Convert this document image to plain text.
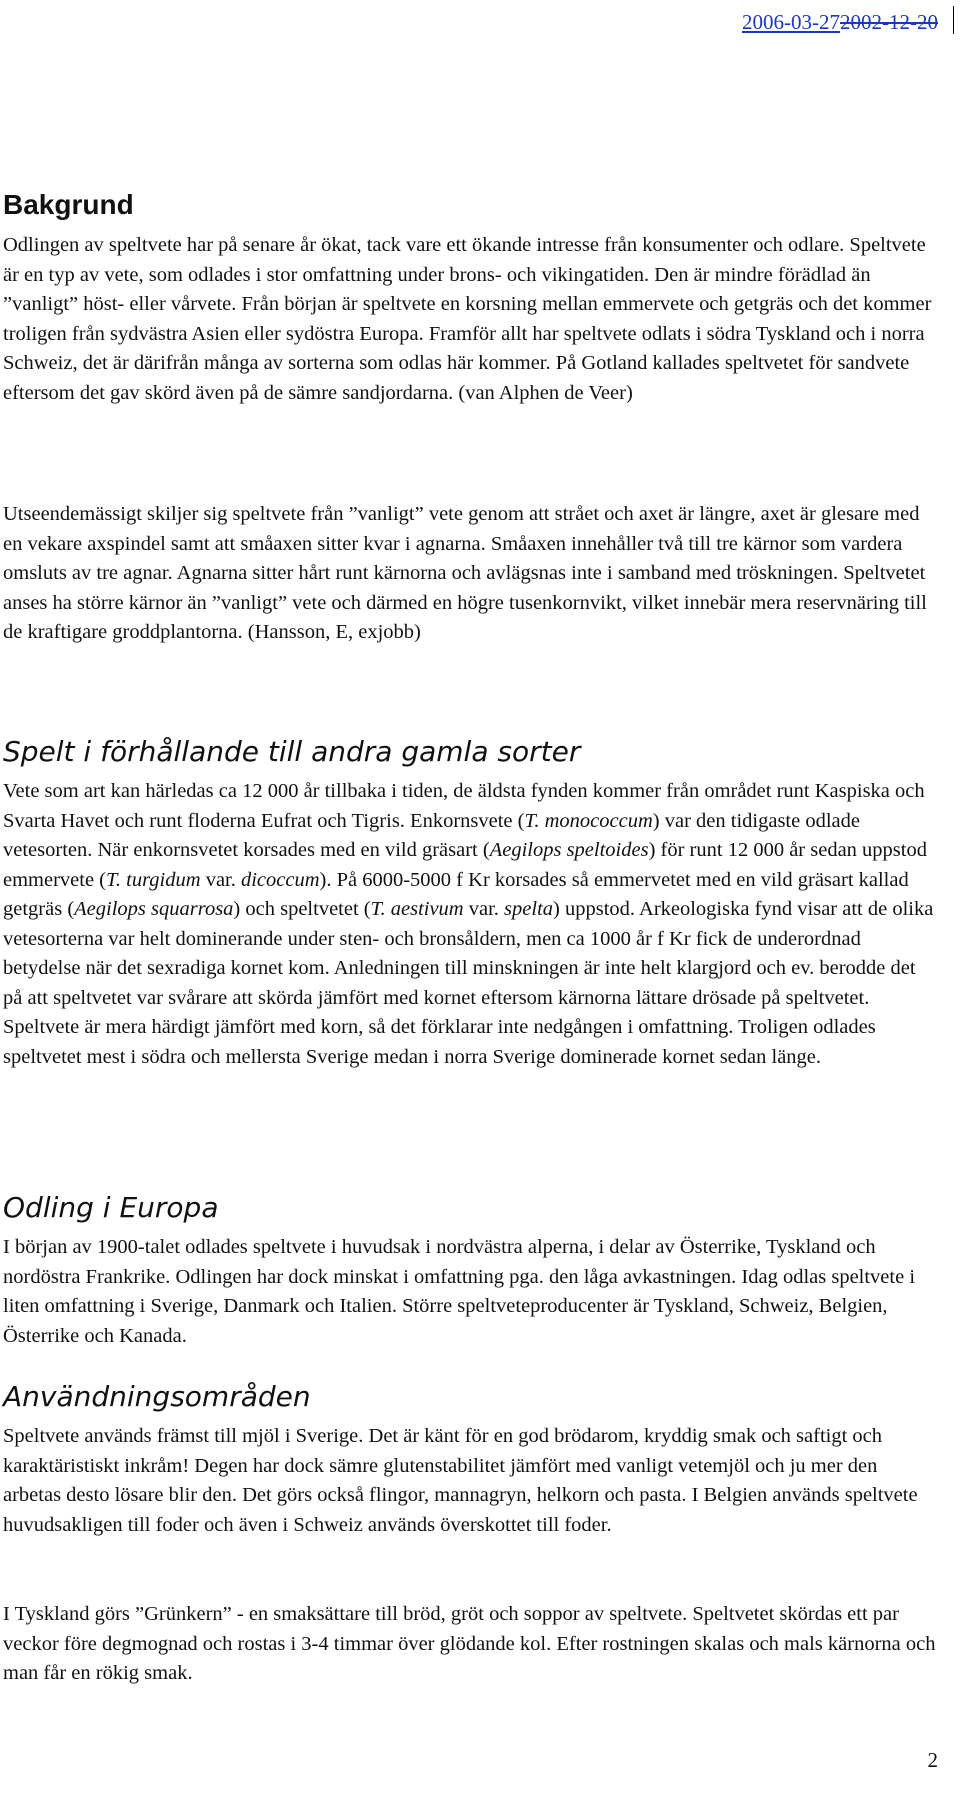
2006-03-272002-12-20
Bakgrund

Odlingen av speltvete har på senare år ökat, tack vare ett ökande intresse från konsumenter och odlare. Speltvete är en typ av vete, som odlades i stor omfattning under brons- och vikingatiden. Den är mindre förädlad än ”vanligt” höst- eller vårvete. Från början är speltvete en korsning mellan emmervete och getgräs och det kommer troligen från sydvästra Asien eller sydöstra Europa. Framför allt har speltvete odlats i södra Tyskland och i norra Schweiz, det är därifrån många av sorterna som odlas här kommer. På Gotland kallades speltvetet för sandvete eftersom det gav skörd även på de sämre sandjordarna. (van Alphen de Veer)

Utseendemässigt skiljer sig speltvete från ”vanligt” vete genom att strået och axet är längre, axet är glesare med en vekare axspindel samt att småaxen sitter kvar i agnarna. Småaxen innehåller två till tre kärnor som vardera omsluts av tre agnar. Agnarna sitter hårt runt kärnorna och avlägsnas inte i samband med tröskningen. Speltvetet anses ha större kärnor än ”vanligt” vete och därmed en högre tusenkornvikt, vilket innebär mera reservnäring till de kraftigare groddplantorna. (Hansson, E, exjobb)

Spelt i förhållande till andra gamla sorter

Vete som art kan härledas ca 12 000 år tillbaka i tiden, de äldsta fynden kommer från området runt Kaspiska och Svarta Havet och runt floderna Eufrat och Tigris. Enkornsvete (T. monococcum) var den tidigaste odlade vetesorten. När enkornsvetet korsades med en vild gräsart (Aegilops speltoides) för runt 12 000 år sedan uppstod emmervete (T. turgidum var. dicoccum). På 6000-5000 f Kr korsades så emmervetet med en vild gräsart kallad getgräs (Aegilops squarrosa) och speltvetet (T. aestivum var. spelta) uppstod. Arkeologiska fynd visar att de olika vetesorterna var helt dominerande under sten- och bronsåldern, men ca 1000 år f Kr fick de underordnad betydelse när det sexradiga kornet kom. Anledningen till minskningen är inte helt klargjord och ev. berodde det på att speltvetet var svårare att skörda jämfört med kornet eftersom kärnorna lättare drösade på speltvetet. Speltvete är mera härdigt jämfört med korn, så det förklarar inte nedgången i omfattning. Troligen odlades speltvetet mest i södra och mellersta Sverige medan i norra Sverige dominerade kornet sedan länge.

Odling i Europa

I början av 1900-talet odlades speltvete i huvudsak i nordvästra alperna, i delar av Österrike, Tyskland och nordöstra Frankrike. Odlingen har dock minskat i omfattning pga. den låga avkastningen. Idag odlas speltvete i liten omfattning i Sverige, Danmark och Italien. Större speltveteproducenter är Tyskland, Schweiz, Belgien, Österrike och Kanada.

Användningsområden

Speltvete används främst till mjöl i Sverige. Det är känt för en god brödarom, kryddig smak och saftigt och karaktäristiskt inkråm! Degen har dock sämre glutenstabilitet jämfört med vanligt vetemjöl och ju mer den arbetas desto lösare blir den. Det görs också flingor, mannagryn, helkorn och pasta. I Belgien används speltvete huvudsakligen till foder och även i Schweiz används överskottet till foder.

I Tyskland görs ”Grünkern” - en smaksättare till bröd, gröt och soppor av speltvete. Speltvetet skördas ett par veckor före degmognad och rostas i 3-4 timmar över glödande kol. Efter rostningen skalas och mals kärnorna och man får en rökig smak.

2
